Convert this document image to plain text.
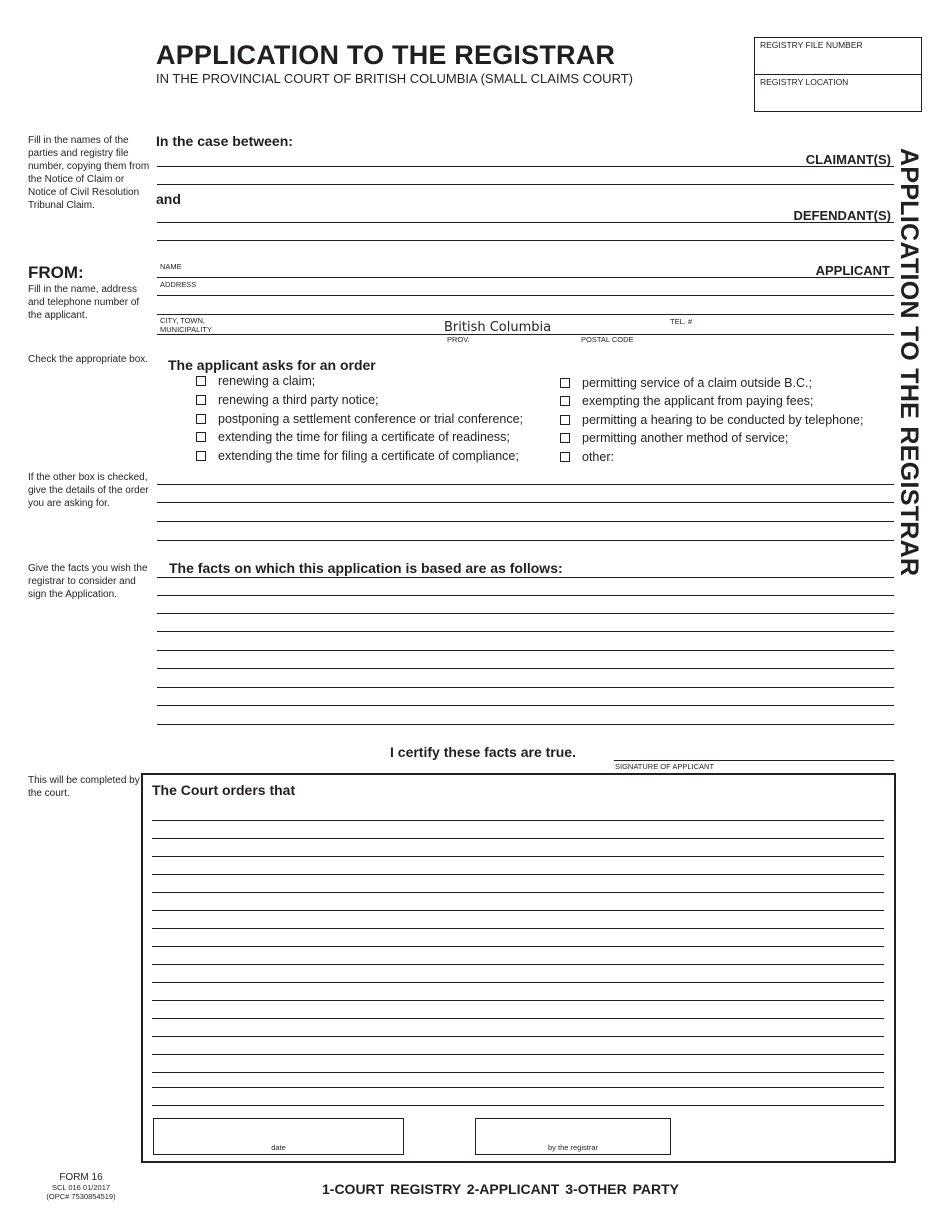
APPLICATION TO THE REGISTRAR
IN THE PROVINCIAL COURT OF BRITISH COLUMBIA (SMALL CLAIMS COURT)
REGISTRY FILE NUMBER
REGISTRY LOCATION
APPLICATION TO THE REGISTRAR
Fill in the names of the parties and registry file number, copying them from the Notice of Claim or Notice of Civil Resolution Tribunal Claim.
FROM:
Fill in the name, address and telephone number of the applicant.
Check the appropriate box.
If the other box is checked, give the details of the order you are asking for.
Give the facts you wish the registrar to consider and sign the Application.
This will be completed by the court.
In the case between:
CLAIMANT(S)
and
DEFENDANT(S)
NAME	APPLICANT
ADDRESS
CITY, TOWN,
MUNICIPALITY
TEL. #
British Columbia
PROV.	POSTAL CODE
The applicant asks for an order
renewing a claim;
renewing a third party notice;
postponing a settlement conference or trial conference;
extending the time for filing a certificate of readiness;
extending the time for filing a certificate of compliance;
permitting service of a claim outside B.C.;
exempting the applicant from paying fees;
permitting a hearing to be conducted by telephone;
permitting another method of service;
other:
The facts on which this application is based are as follows:
I certify these facts are true.
SIGNATURE OF APPLICANT
The Court orders that
date	by the registrar
FORM 16
SCL 016 01/2017
(OPC# 7530854519)	1-COURT REGISTRY 2-APPLICANT 3-OTHER PARTY
